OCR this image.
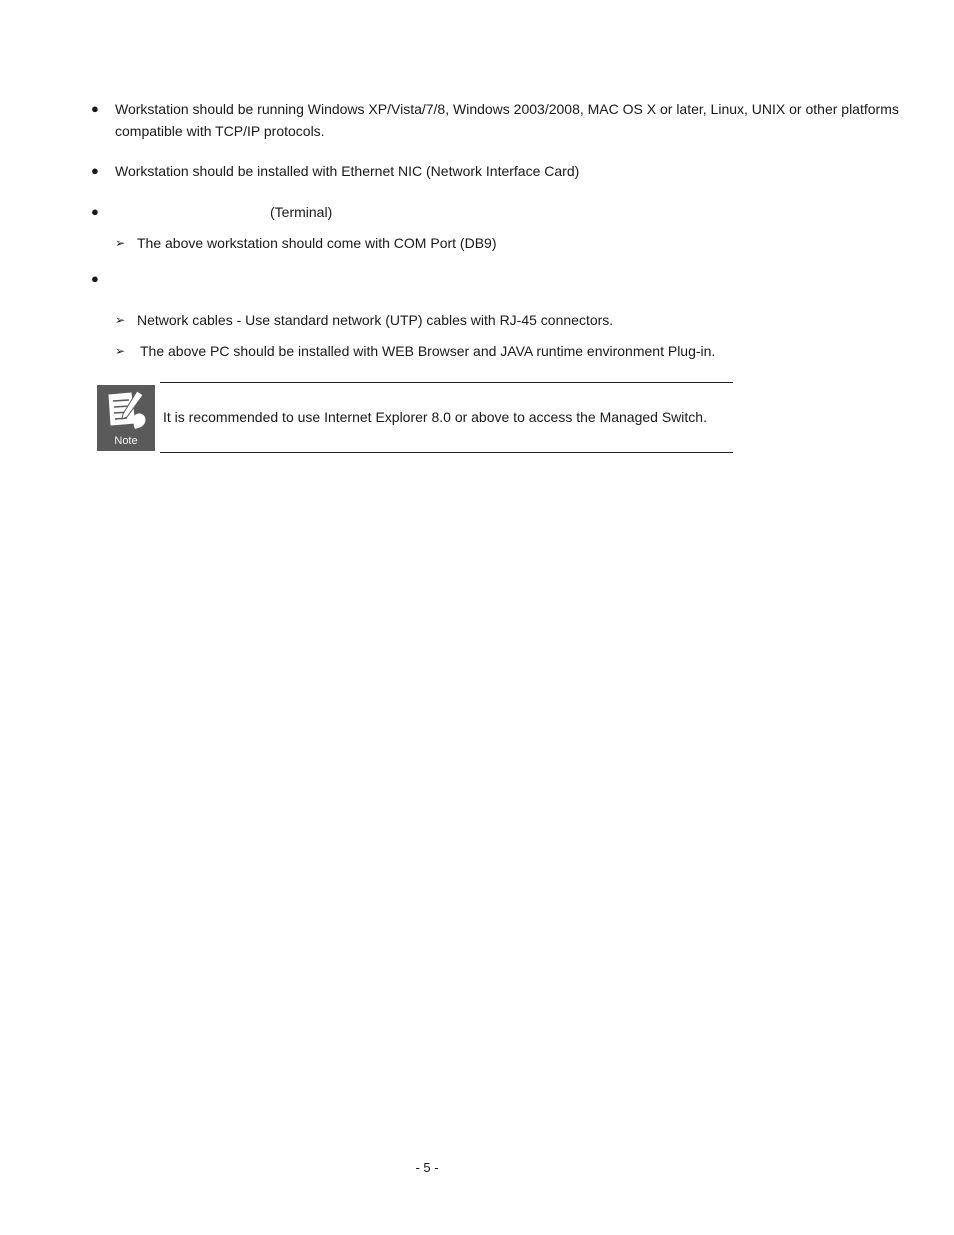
● Workstation should be running Windows XP/Vista/7/8, Windows 2003/2008, MAC OS X or later, Linux, UNIX or other platforms compatible with TCP/IP protocols.
● Workstation should be installed with Ethernet NIC (Network Interface Card)
●	(Terminal)
➢ The above workstation should come with COM Port (DB9)
●
➢ Network cables - Use standard network (UTP) cables with RJ-45 connectors.
➢ The above PC should be installed with WEB Browser and JAVA runtime environment Plug-in.
Note
It is recommended to use Internet Explorer 8.0 or above to access the Managed Switch.
- 5 -
